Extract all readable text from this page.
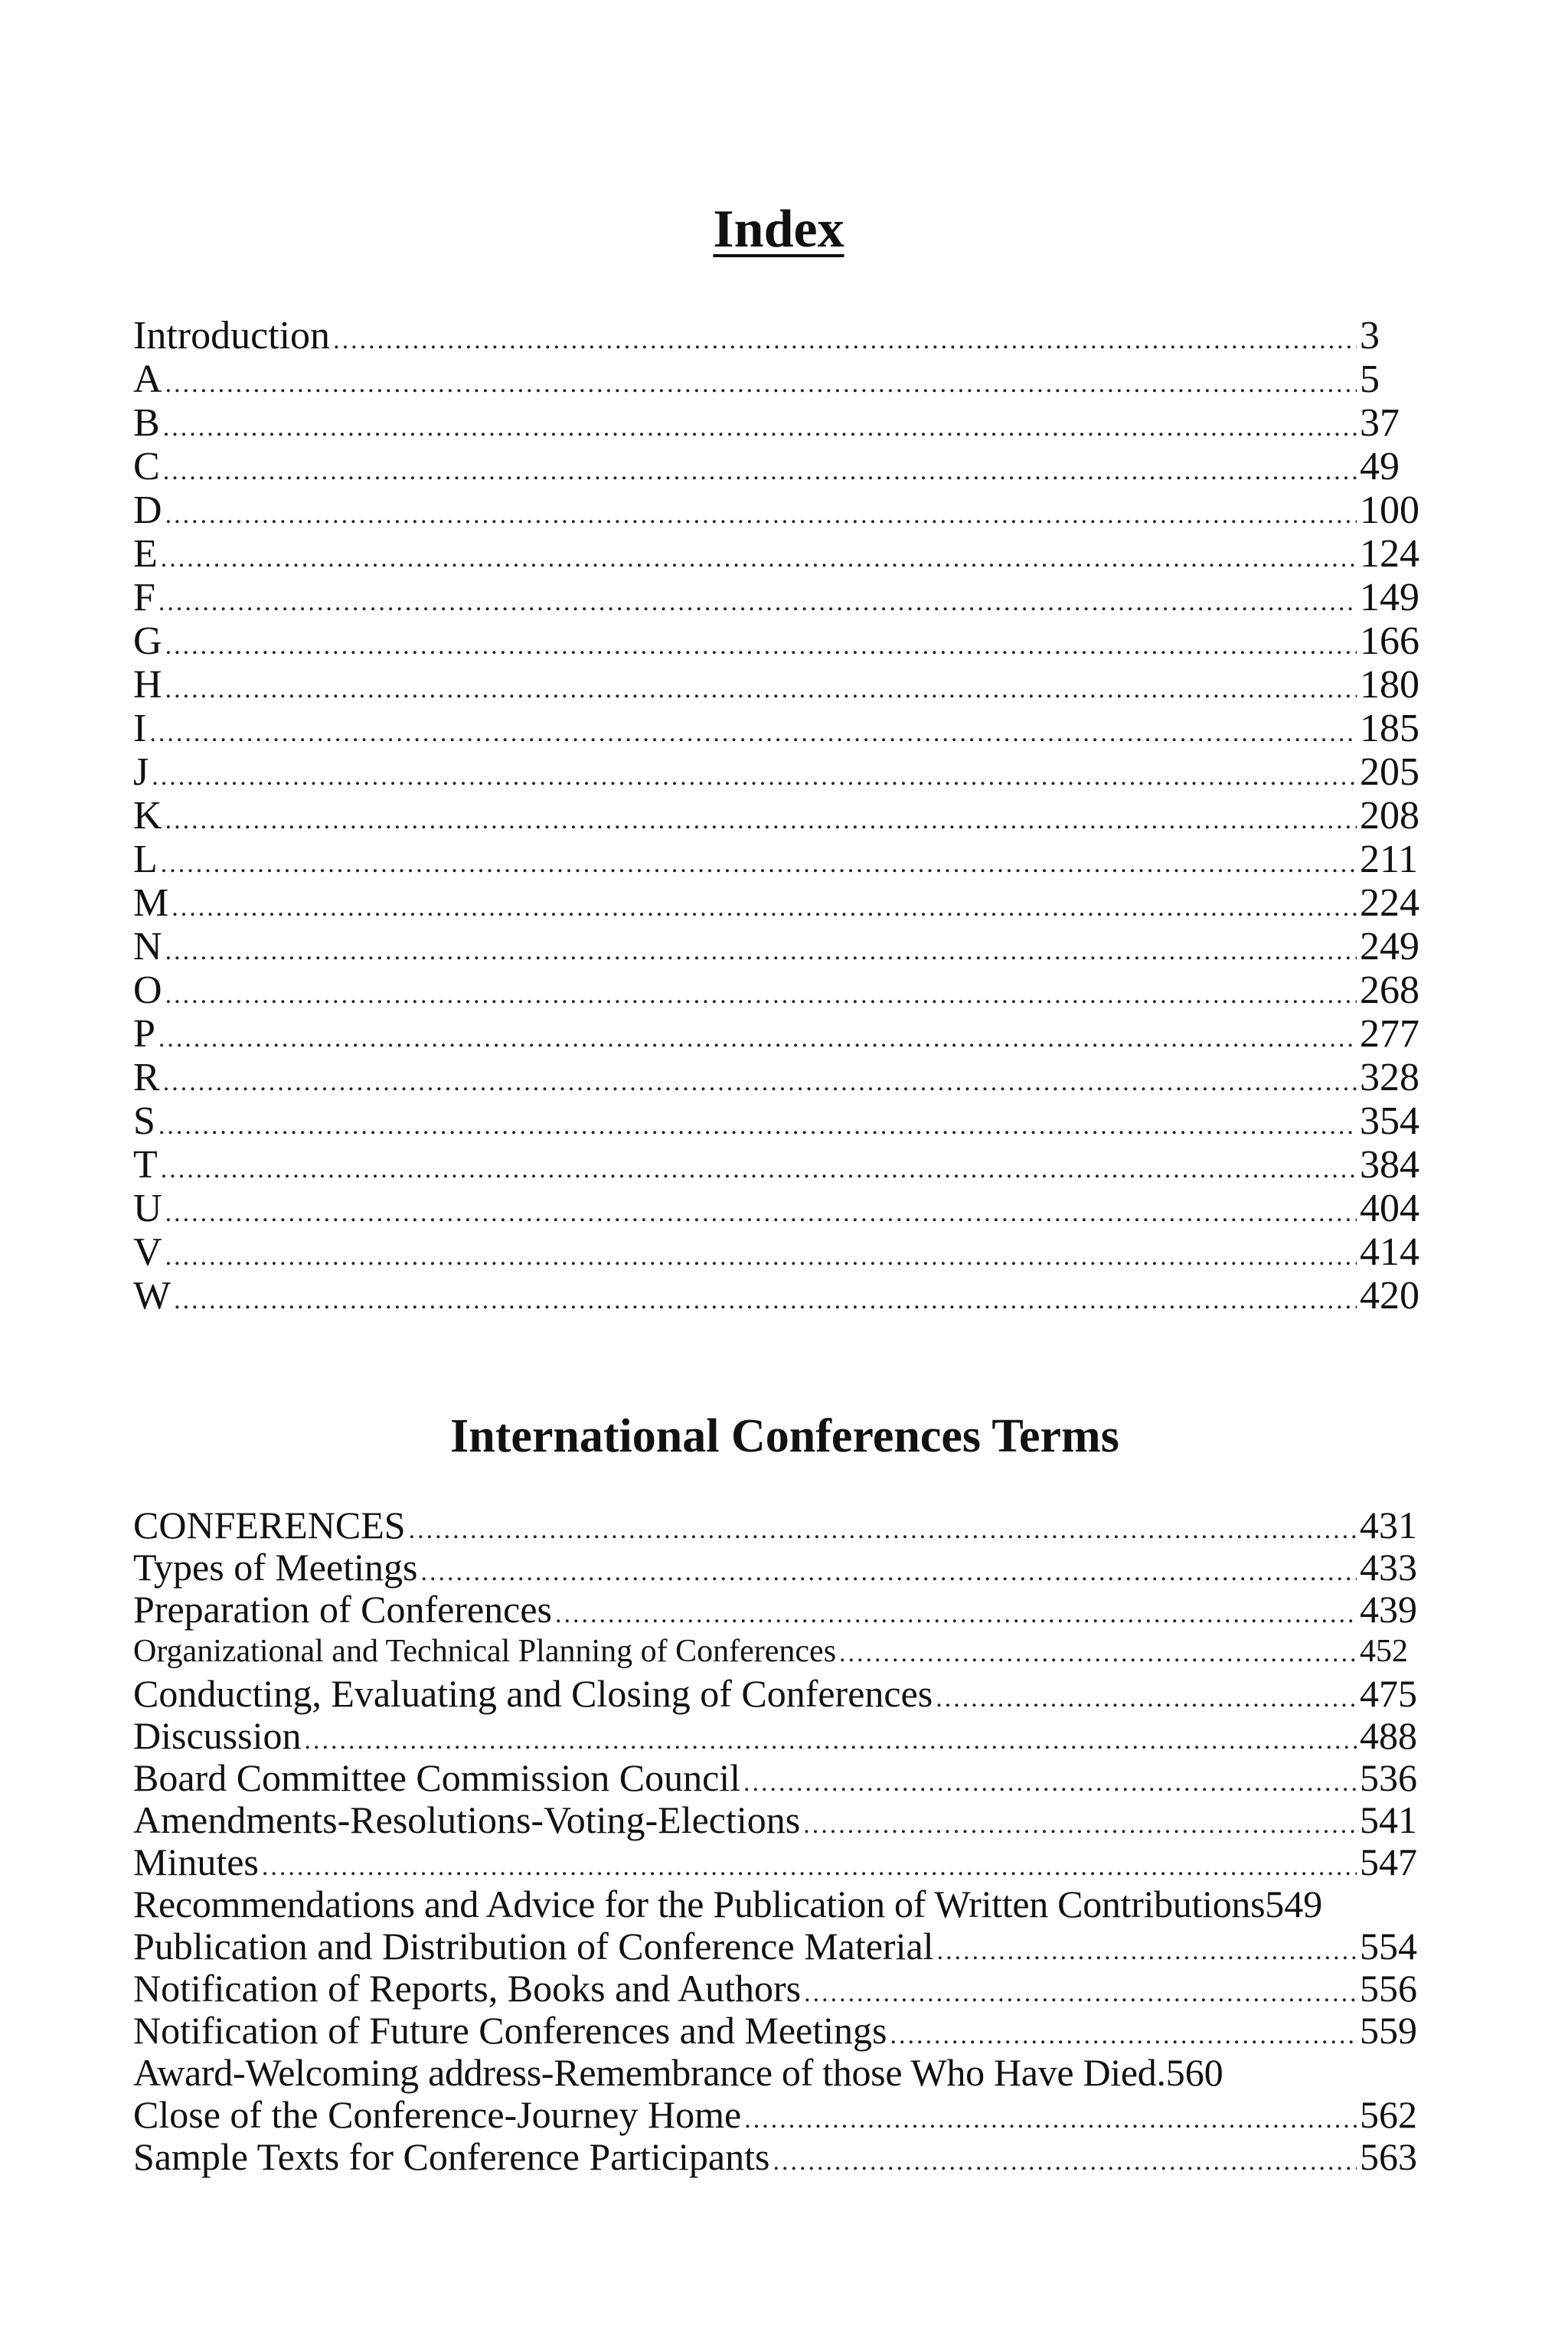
Index
Introduction .....	3
A .....	5
B .....	37
C .....	49
D .....	100
E .....	124
F .....	149
G .....	166
H .....	180
I .....	185
J .....	205
K .....	208
L .....	211
M .....	224
N .....	249
O .....	268
P .....	277
R .....	328
S .....	354
T .....	384
U .....	404
V .....	414
W .....	420
International Conferences Terms
CONFERENCES .....	431
Types of Meetings .....	433
Preparation of Conferences .....	439
Organizational and Technical Planning of Conferences .....	452
Conducting, Evaluating and Closing of Conferences .....	475
Discussion .....	488
Board Committee Commission Council .....	536
Amendments-Resolutions-Voting-Elections .....	541
Minutes .....	547
Recommendations and Advice for the Publication of Written Contributions 549
Publication and Distribution of Conference Material .....	554
Notification of Reports, Books and Authors .....	556
Notification of Future Conferences and Meetings .....	559
Award-Welcoming address-Remembrance of those Who Have Died. 560
Close of the Conference-Journey Home .....	562
Sample Texts for Conference Participants .....	563
